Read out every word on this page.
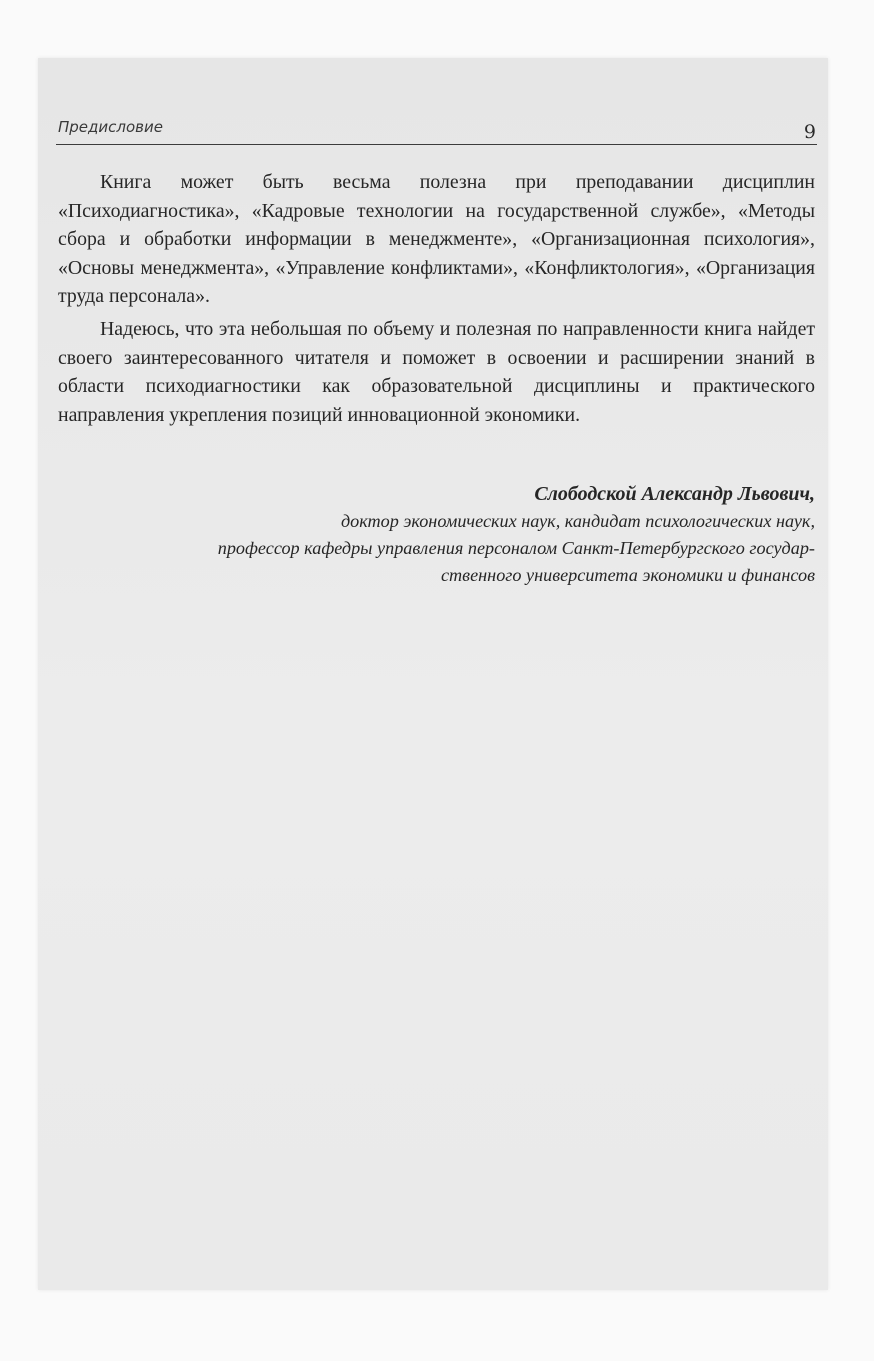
Предисловие	9

Книга может быть весьма полезна при преподавании дисциплин «Психодиагностика», «Кадровые технологии на государственной службе», «Методы сбора и обработки информации в менеджменте», «Организационная психология», «Основы менеджмента», «Управление конфликтами», «Конфликтология», «Организация труда персонала».

Надеюсь, что эта небольшая по объему и полезная по направленности книга найдет своего заинтересованного читателя и поможет в освоении и расширении знаний в области психодиагностики как образовательной дисциплины и практического направления укрепления позиций инновационной экономики.

Слободской Александр Львович,
доктор экономических наук, кандидат психологических наук,
профессор кафедры управления персоналом Санкт-Петербургского государ-
ственного университета экономики и финансов
